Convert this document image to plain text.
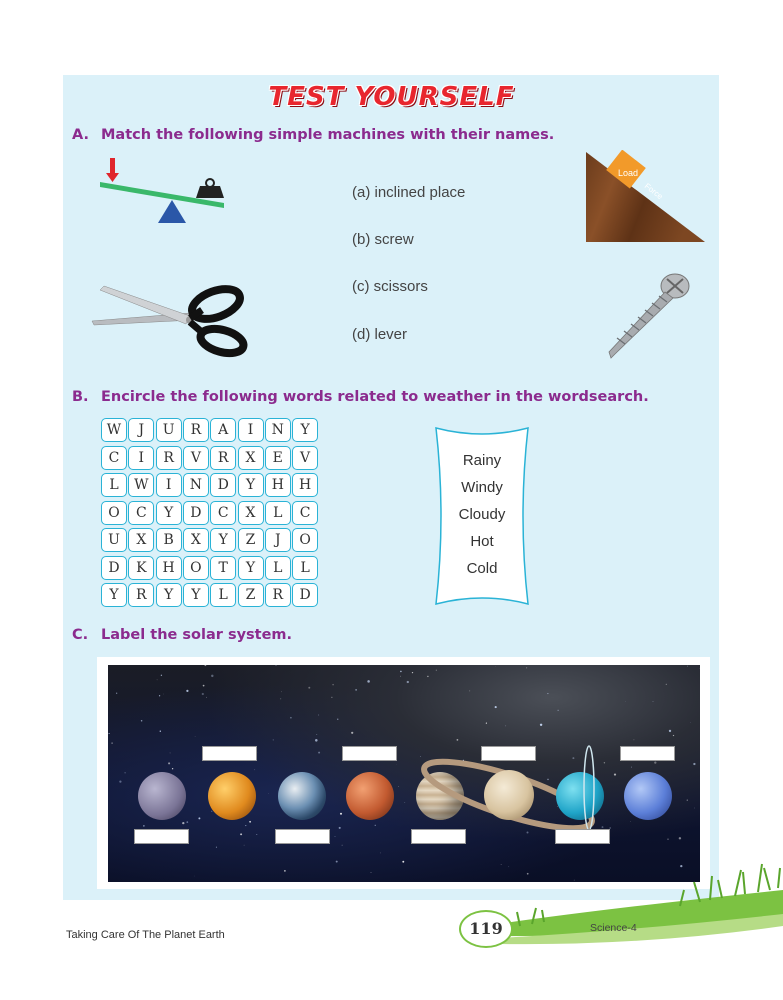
TEST YOURSELF
A. Match the following simple machines with their names.
(a) inclined place
(b) screw
(c) scissors
(d) lever
Load
Force
B. Encircle the following words related to weather in the wordsearch.
W	J	U	R	A	I	N	Y
C	I	R	V	R	X	E	V
L	W	I	N	D	Y	H	H
O	C	Y	D	C	X	L	C
U	X	B	X	Y	Z	J	O
D	K	H	O	T	Y	L	L
Y	R	Y	Y	L	Z	R	D
Rainy
Windy
Cloudy
Hot
Cold
C. Label the solar system.
119
Taking Care Of The Planet Earth
Science-4
